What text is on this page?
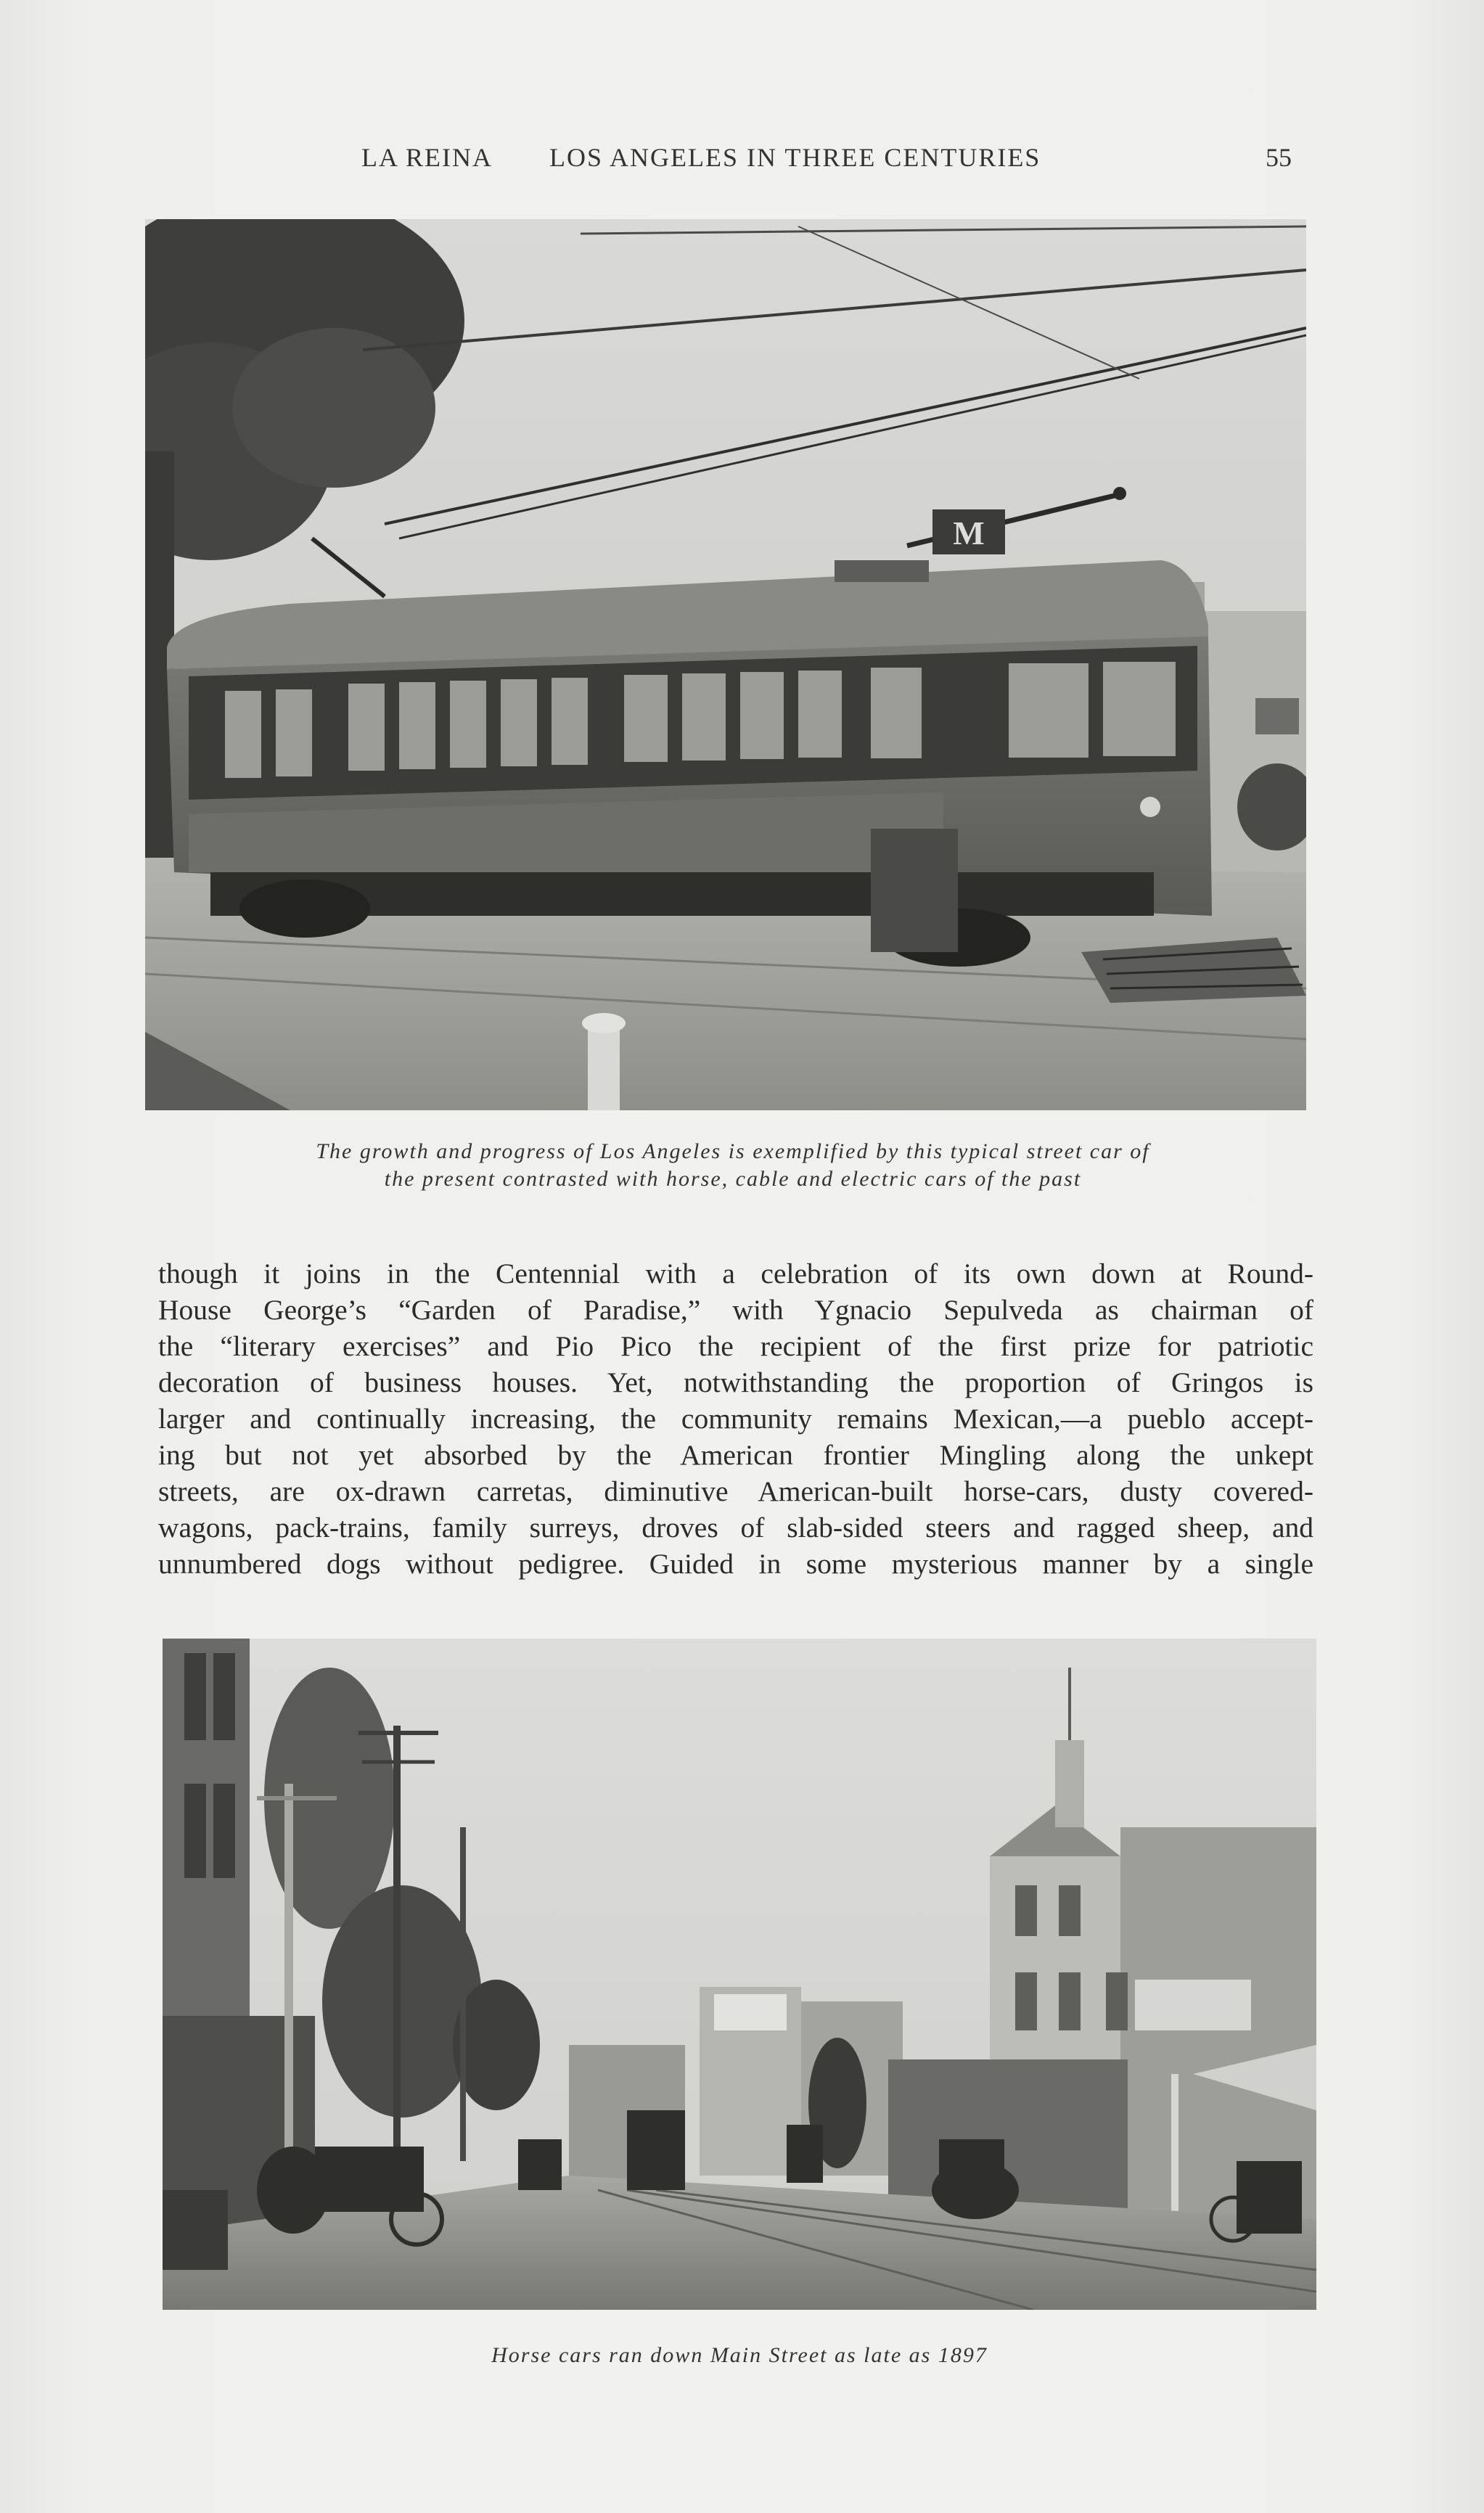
LA REINA LOS ANGELES IN THREE CENTURIES	55
M
The growth and progress of Los Angeles is exemplified by this typical street car of
the present contrasted with horse, cable and electric cars of the past
though it joins in the Centennial with a celebration of its own down at Round-
House George’s “Garden of Paradise,” with Ygnacio Sepulveda as chairman of
the “literary exercises” and Pio Pico the recipient of the first prize for patriotic
decoration of business houses. Yet, notwithstanding the proportion of Gringos is
larger and continually increasing, the community remains Mexican,—a pueblo accept-
ing but not yet absorbed by the American frontier Mingling along the unkept
streets, are ox-drawn carretas, diminutive American-built horse-cars, dusty covered-
wagons, pack-trains, family surreys, droves of slab-sided steers and ragged sheep, and
unnumbered dogs without pedigree. Guided in some mysterious manner by a single
Horse cars ran down Main Street as late as 1897
